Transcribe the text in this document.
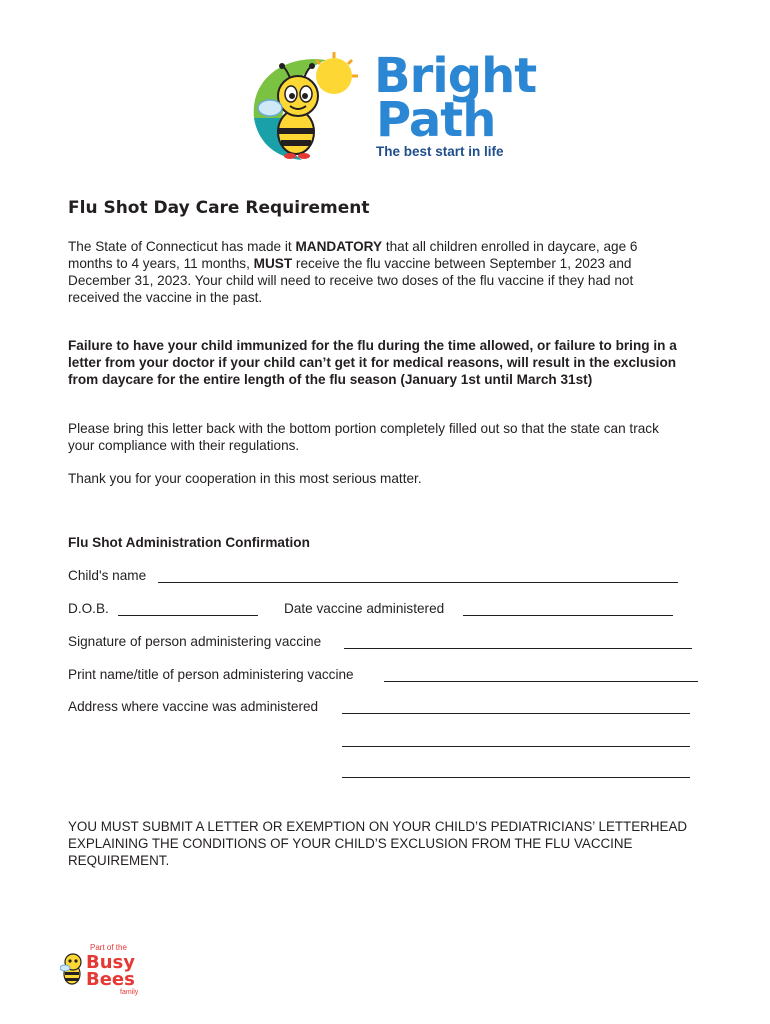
Bright
Path
The best start in life
Flu Shot Day Care Requirement
The State of Connecticut has made it MANDATORY that all children enrolled in daycare, age 6 months to 4 years, 11 months, MUST receive the flu vaccine between September 1, 2023 and December 31, 2023. Your child will need to receive two doses of the flu vaccine if they had not received the vaccine in the past.
Failure to have your child immunized for the flu during the time allowed, or failure to bring in a letter from your doctor if your child can’t get it for medical reasons, will result in the exclusion from daycare for the entire length of the flu season (January 1st until March 31st)
Please bring this letter back with the bottom portion completely filled out so that the state can track your compliance with their regulations.
Thank you for your cooperation in this most serious matter.
Flu Shot Administration Confirmation
Child's name
D.O.B.	Date vaccine administered
Signature of person administering vaccine
Print name/title of person administering vaccine
Address where vaccine was administered
YOU MUST SUBMIT A LETTER OR EXEMPTION ON YOUR CHILD’S PEDIATRICIANS’ LETTERHEAD EXPLAINING THE CONDITIONS OF YOUR CHILD’S EXCLUSION FROM THE FLU VACCINE REQUIREMENT.
Part of the
Busy
Bees
family
